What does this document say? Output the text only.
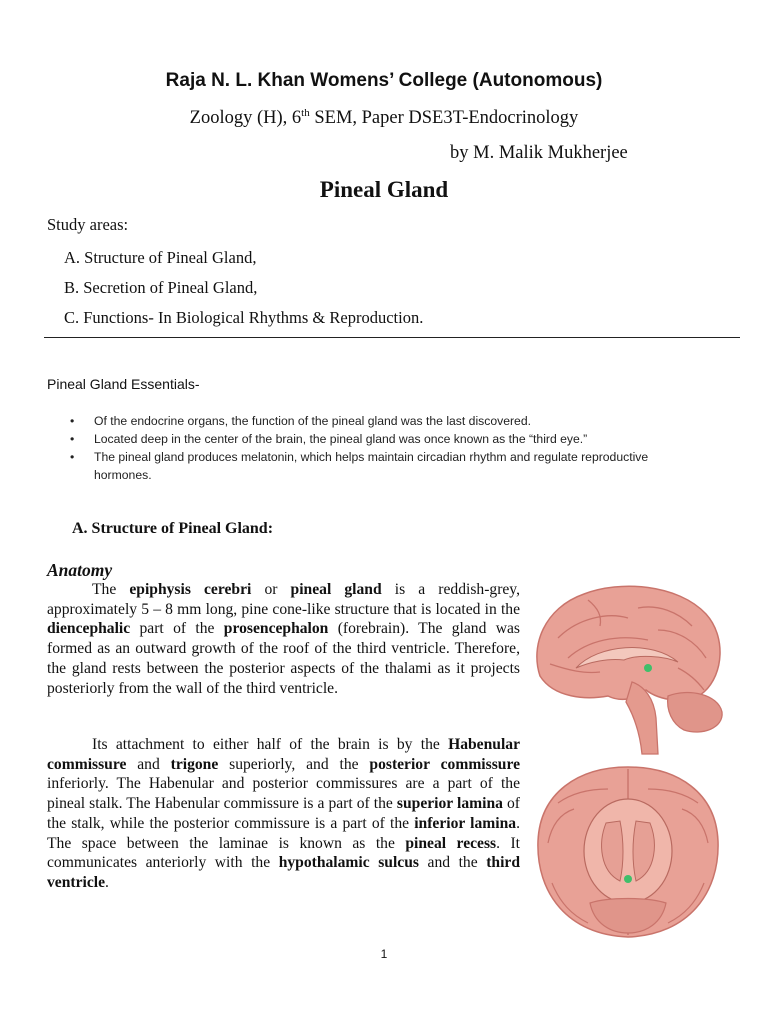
Raja N. L. Khan Womens’ College (Autonomous)
Zoology (H), 6th SEM, Paper DSE3T-Endocrinology
by M. Malik Mukherjee
Pineal Gland
Study areas:
A. Structure of Pineal Gland,
B. Secretion of Pineal Gland,
C. Functions- In Biological Rhythms & Reproduction.
Pineal Gland Essentials-
• Of the endocrine organs, the function of the pineal gland was the last discovered.
• Located deep in the center of the brain, the pineal gland was once known as the “third eye.”
• The pineal gland produces melatonin, which helps maintain circadian rhythm and regulate reproductive hormones.
A. Structure of Pineal Gland:
Anatomy

The epiphysis cerebri or pineal gland is a reddish-grey, approximately 5 – 8 mm long, pine cone-like structure that is located in the diencephalic part of the prosencephalon (forebrain). The gland was formed as an outward growth of the roof of the third ventricle. Therefore, the gland rests between the posterior aspects of the thalami as it projects posteriorly from the wall of the third ventricle.

Its attachment to either half of the brain is by the Habenular commissure and trigone superiorly, and the posterior commissure inferiorly. The Habenular and posterior commissures are a part of the pineal stalk. The Habenular commissure is a part of the superior lamina of the stalk, while the posterior commissure is a part of the inferior lamina. The space between the laminae is known as the pineal recess. It communicates anteriorly with the hypothalamic sulcus and the third ventricle.

1
